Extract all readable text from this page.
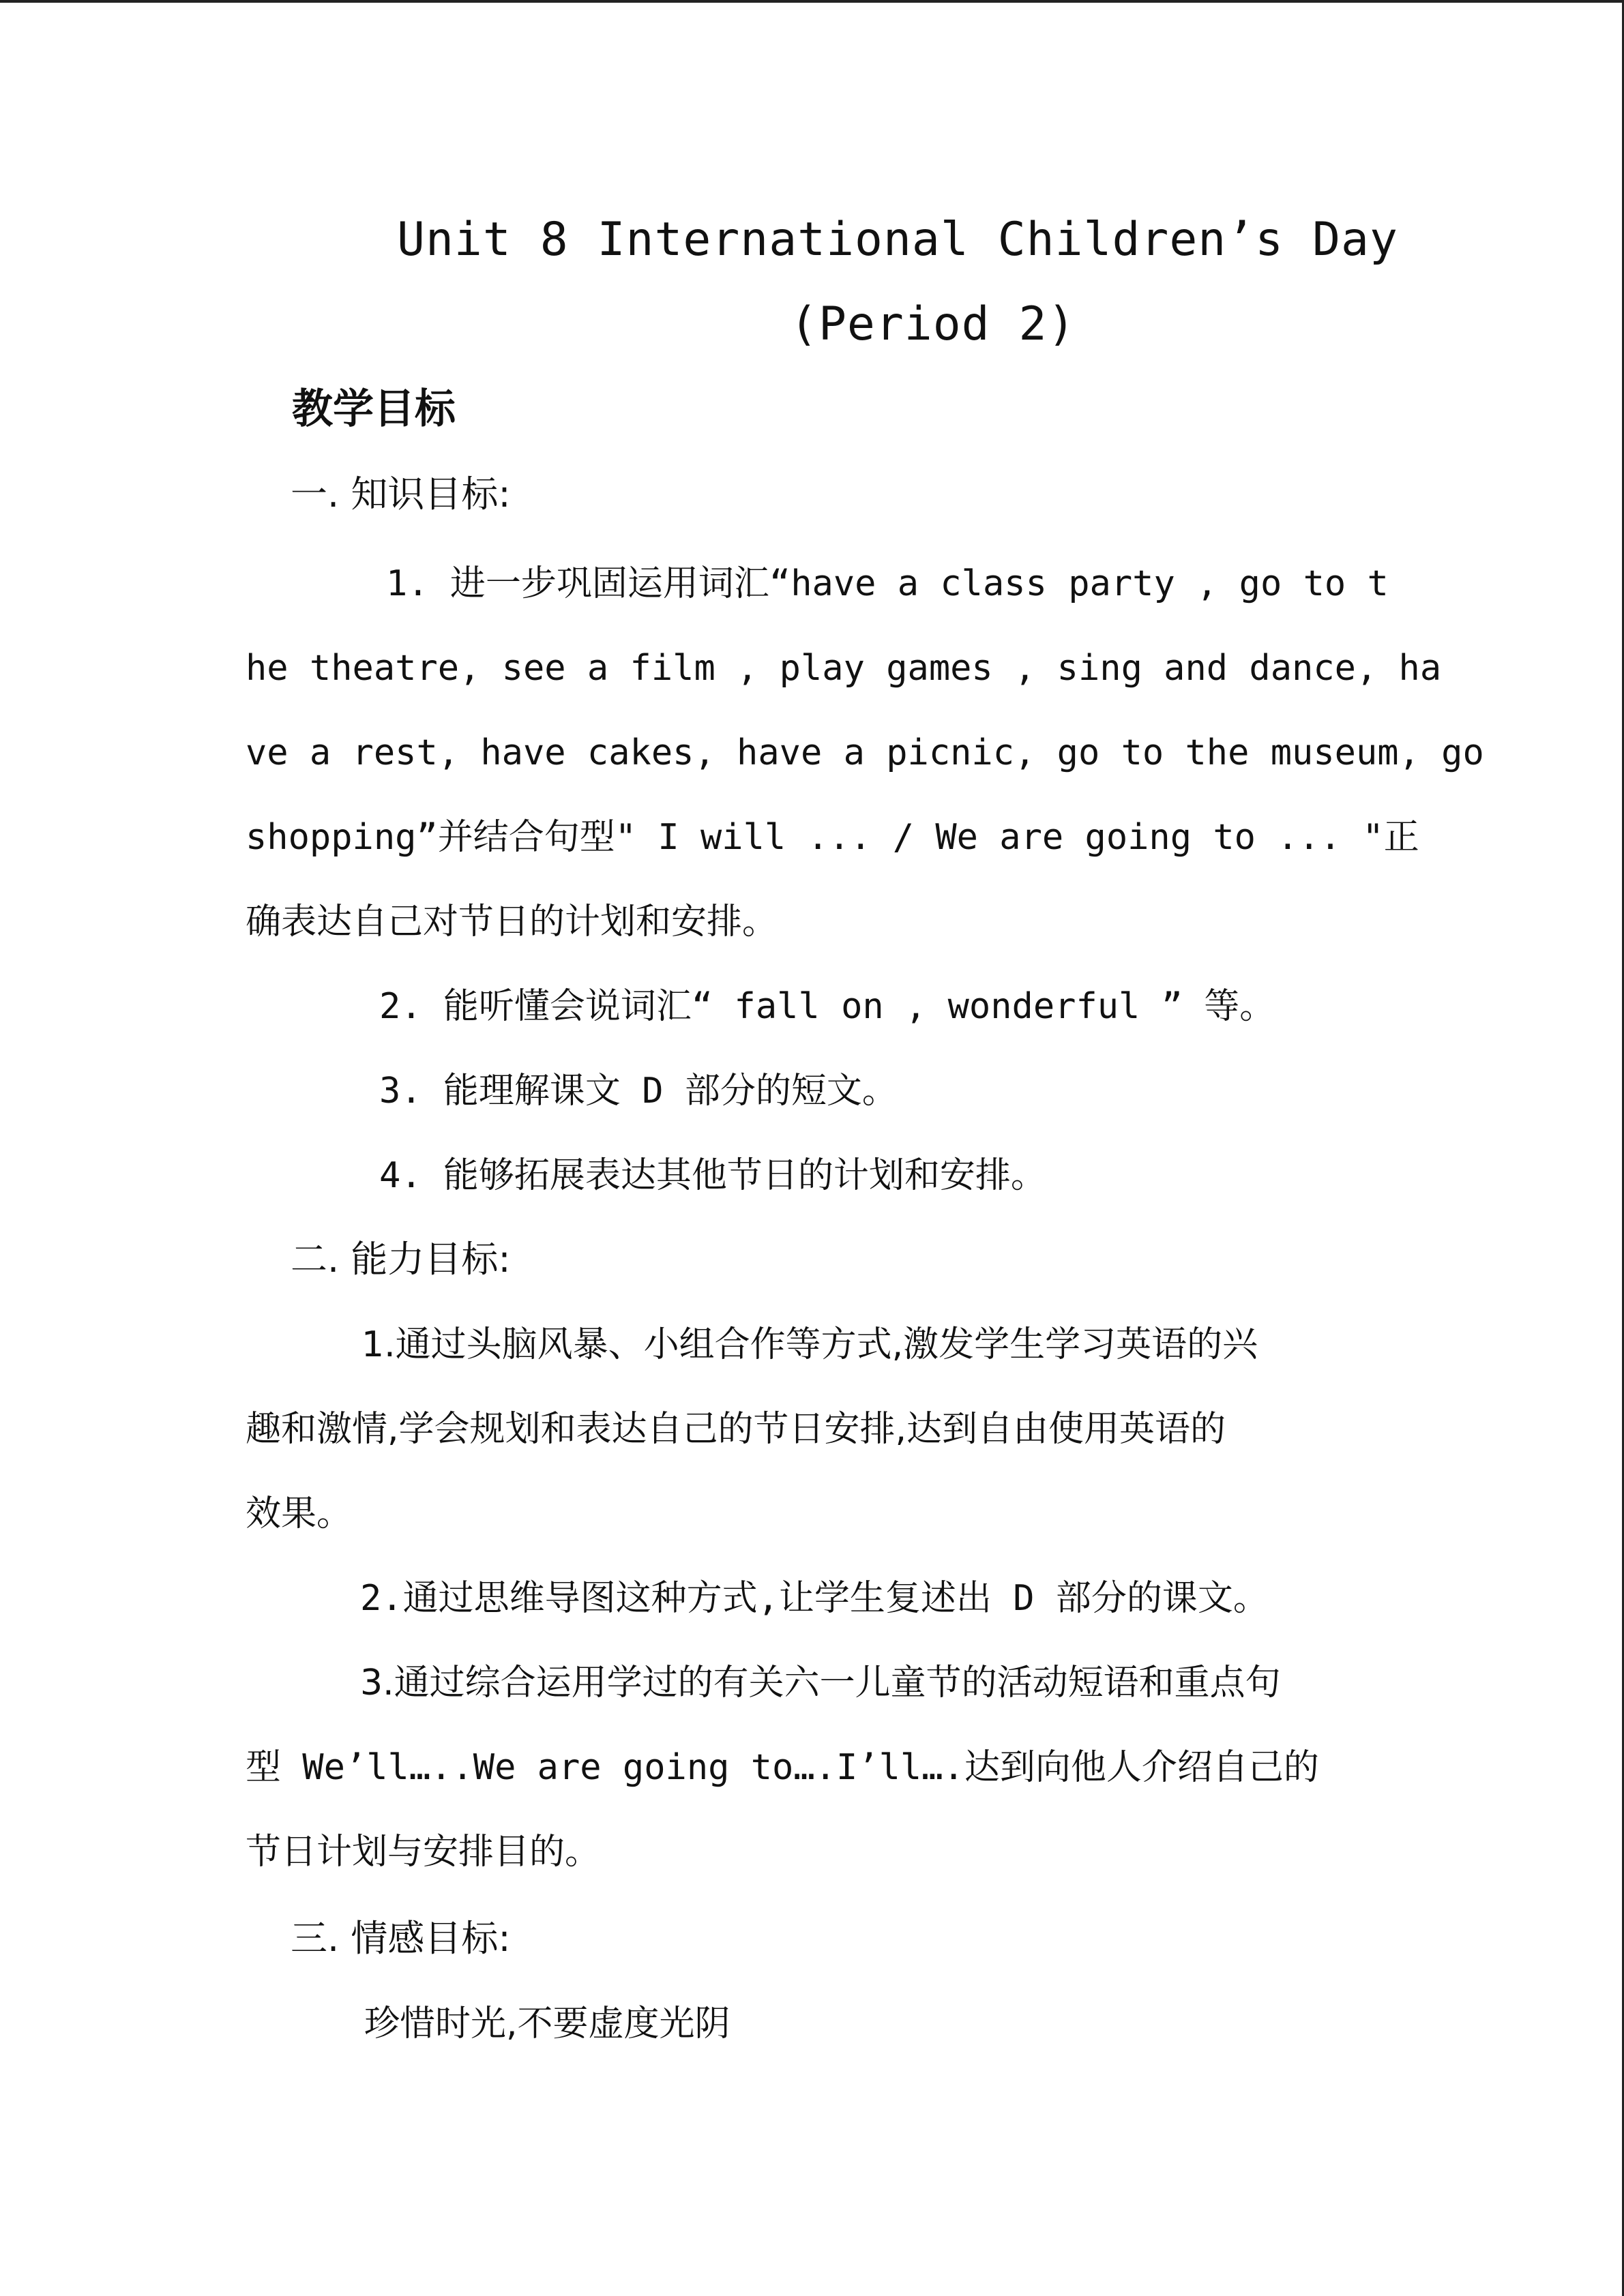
Unit 8 International Children’s Day
(Period 2)
教学目标
一. 知识目标:
1. 进一步巩固运用词汇“have a class party , go to t
he theatre, see a film , play games , sing and dance, ha
ve a rest, have cakes, have a picnic, go to the museum, go
shopping”并结合句型" I will ... / We are going to ... "正
确表达自己对节日的计划和安排。
2. 能听懂会说词汇“ fall on , wonderful ” 等。
3. 能理解课文 D 部分的短文。
4. 能够拓展表达其他节日的计划和安排。
二. 能力目标:
1.通过头脑风暴、小组合作等方式,激发学生学习英语的兴
趣和激情,学会规划和表达自己的节日安排,达到自由使用英语的
效果。
2.通过思维导图这种方式,让学生复述出 D 部分的课文。
3.通过综合运用学过的有关六一儿童节的活动短语和重点句
型 We’ll…..We are going to….I’ll….达到向他人介绍自己的
节日计划与安排目的。
三. 情感目标:
珍惜时光,不要虚度光阴
